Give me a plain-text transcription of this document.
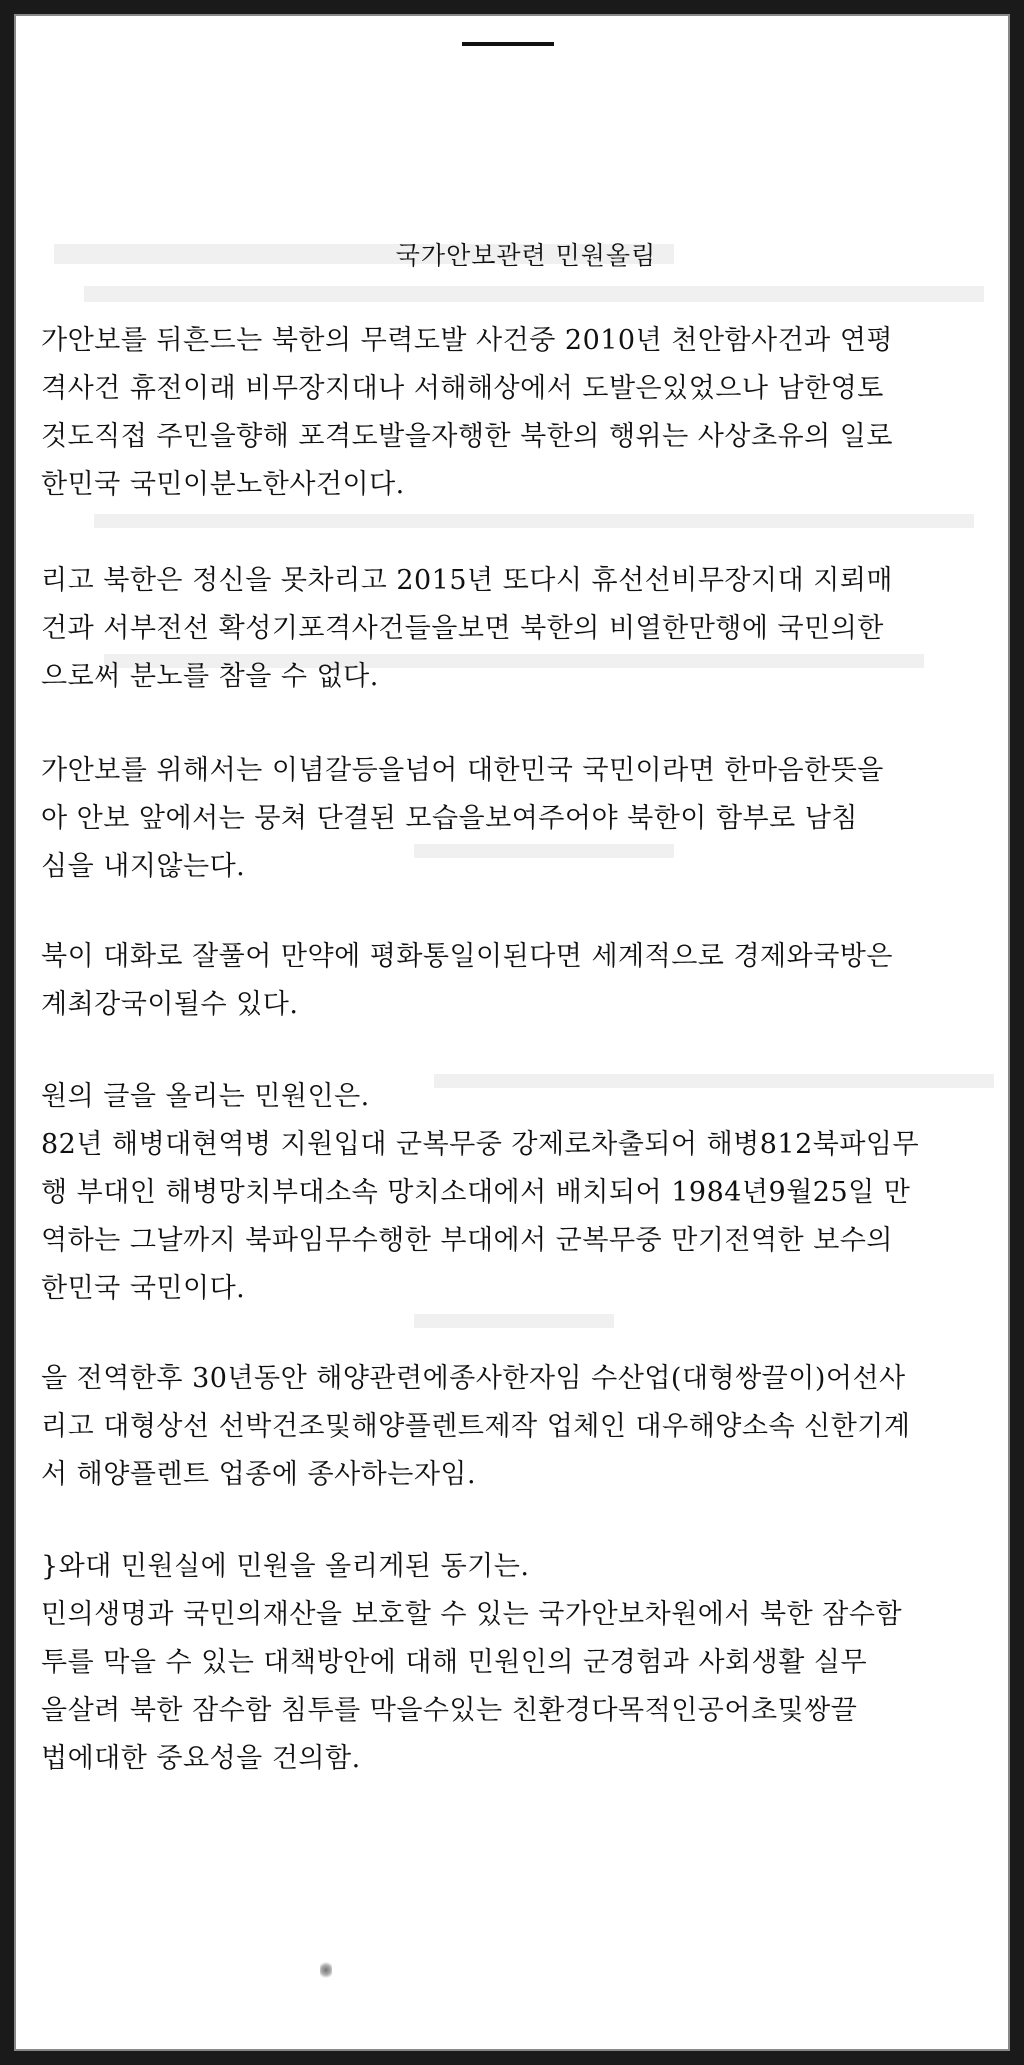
국가안보관련 민원올림
가안보를 뒤흔드는 북한의 무력도발 사건중 2010년 천안함사건과 연평
격사건 휴전이래 비무장지대나 서해해상에서 도발은있었으나 남한영토
것도직접 주민을향해 포격도발을자행한 북한의 행위는 사상초유의 일로
한민국 국민이분노한사건이다.
리고 북한은 정신을 못차리고 2015년 또다시 휴선선비무장지대 지뢰매
건과 서부전선 확성기포격사건들을보면 북한의 비열한만행에 국민의한
으로써 분노를 참을 수 없다.
가안보를 위해서는 이념갈등을넘어 대한민국 국민이라면 한마음한뜻을
아 안보 앞에서는 뭉쳐 단결된 모습을보여주어야 북한이 함부로 남침
심을 내지않는다.
북이 대화로 잘풀어 만약에 평화통일이된다면 세계적으로 경제와국방은
계최강국이될수 있다.
원의 글을 올리는 민원인은.
82년 해병대현역병 지원입대 군복무중 강제로차출되어 해병812북파임무
행 부대인 해병망치부대소속 망치소대에서 배치되어 1984년9월25일 만
역하는 그날까지 북파임무수행한 부대에서 군복무중 만기전역한 보수의
한민국 국민이다.
을 전역한후 30년동안 해양관련에종사한자임 수산업(대형쌍끌이)어선사
리고 대형상선 선박건조및해양플렌트제작 업체인 대우해양소속 신한기계
서 해양플렌트 업종에 종사하는자임.
}와대 민원실에 민원을 올리게된 동기는.
민의생명과 국민의재산을 보호할 수 있는 국가안보차원에서 북한 잠수함
투를 막을 수 있는 대책방안에 대해 민원인의 군경험과 사회생활 실무
을살려 북한 잠수함 침투를 막을수있는 친환경다목적인공어초및쌍끌
법에대한 중요성을 건의함.
